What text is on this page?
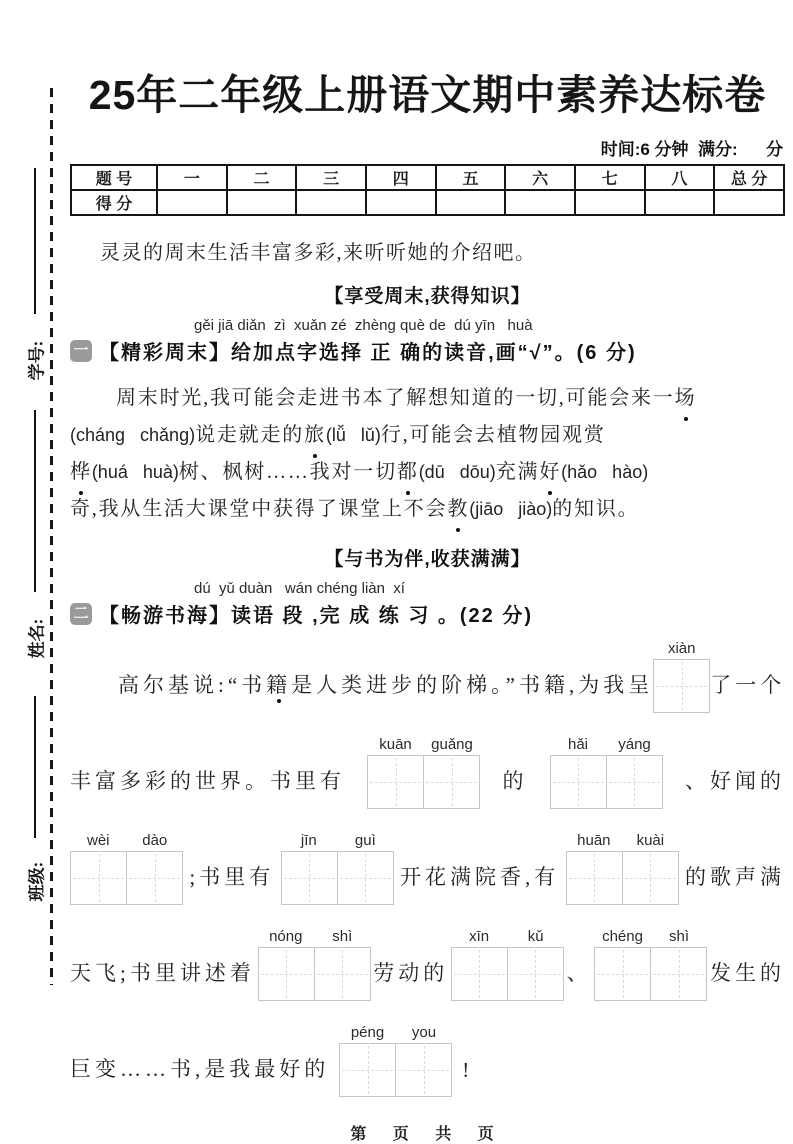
学号:
姓名:
班级:
25年二年级上册语文期中素养达标卷
时间:6 分钟  满分:      分
题 号	一	二	三	四	五	六	七	八	总 分
得 分									

灵灵的周末生活丰富多彩,来听听她的介绍吧。

【享受周末,获得知识】
gěi jiā diǎn  zì  xuǎn zé  zhèng què de  dú yīn   huà
一 【精彩周末】给加点字选择 正 确的读音,画“√”。(6 分)
周末时光,我可能会走进书本了解想知道的一切,可能会来一场
(cháng   chǎng)说走就走的旅(lǚ   lǔ)行,可能会去植物园观赏
桦(huá   huà)树、枫树……我对一切都(dū   dōu)充满好(hǎo   hào)
奇,我从生活大课堂中获得了课堂上不会教(jiāo   jiào)的知识。
【与书为伴,收获满满】
dú  yǔ duàn   wán chéng liàn  xí
二 【畅游书海】读语 段 ,完 成 练 习 。(22 分)
高尔基说:“书 籍 是人类进步的阶梯。”书籍,为我呈
xiàn
了一个
丰富多彩的世界。书里有
kuān	guǎng
的
hǎi	yáng
、好闻的
wèi	dào
;书里有
jīn	guì
开花满院香,有
huān	kuài
的歌声满
天飞;书里讲述着
nóng	shì
劳动的
xīn	kǔ
、
chéng	shì
发生的
巨变……书,是我最好的
péng	you
!
第 页 共 页
